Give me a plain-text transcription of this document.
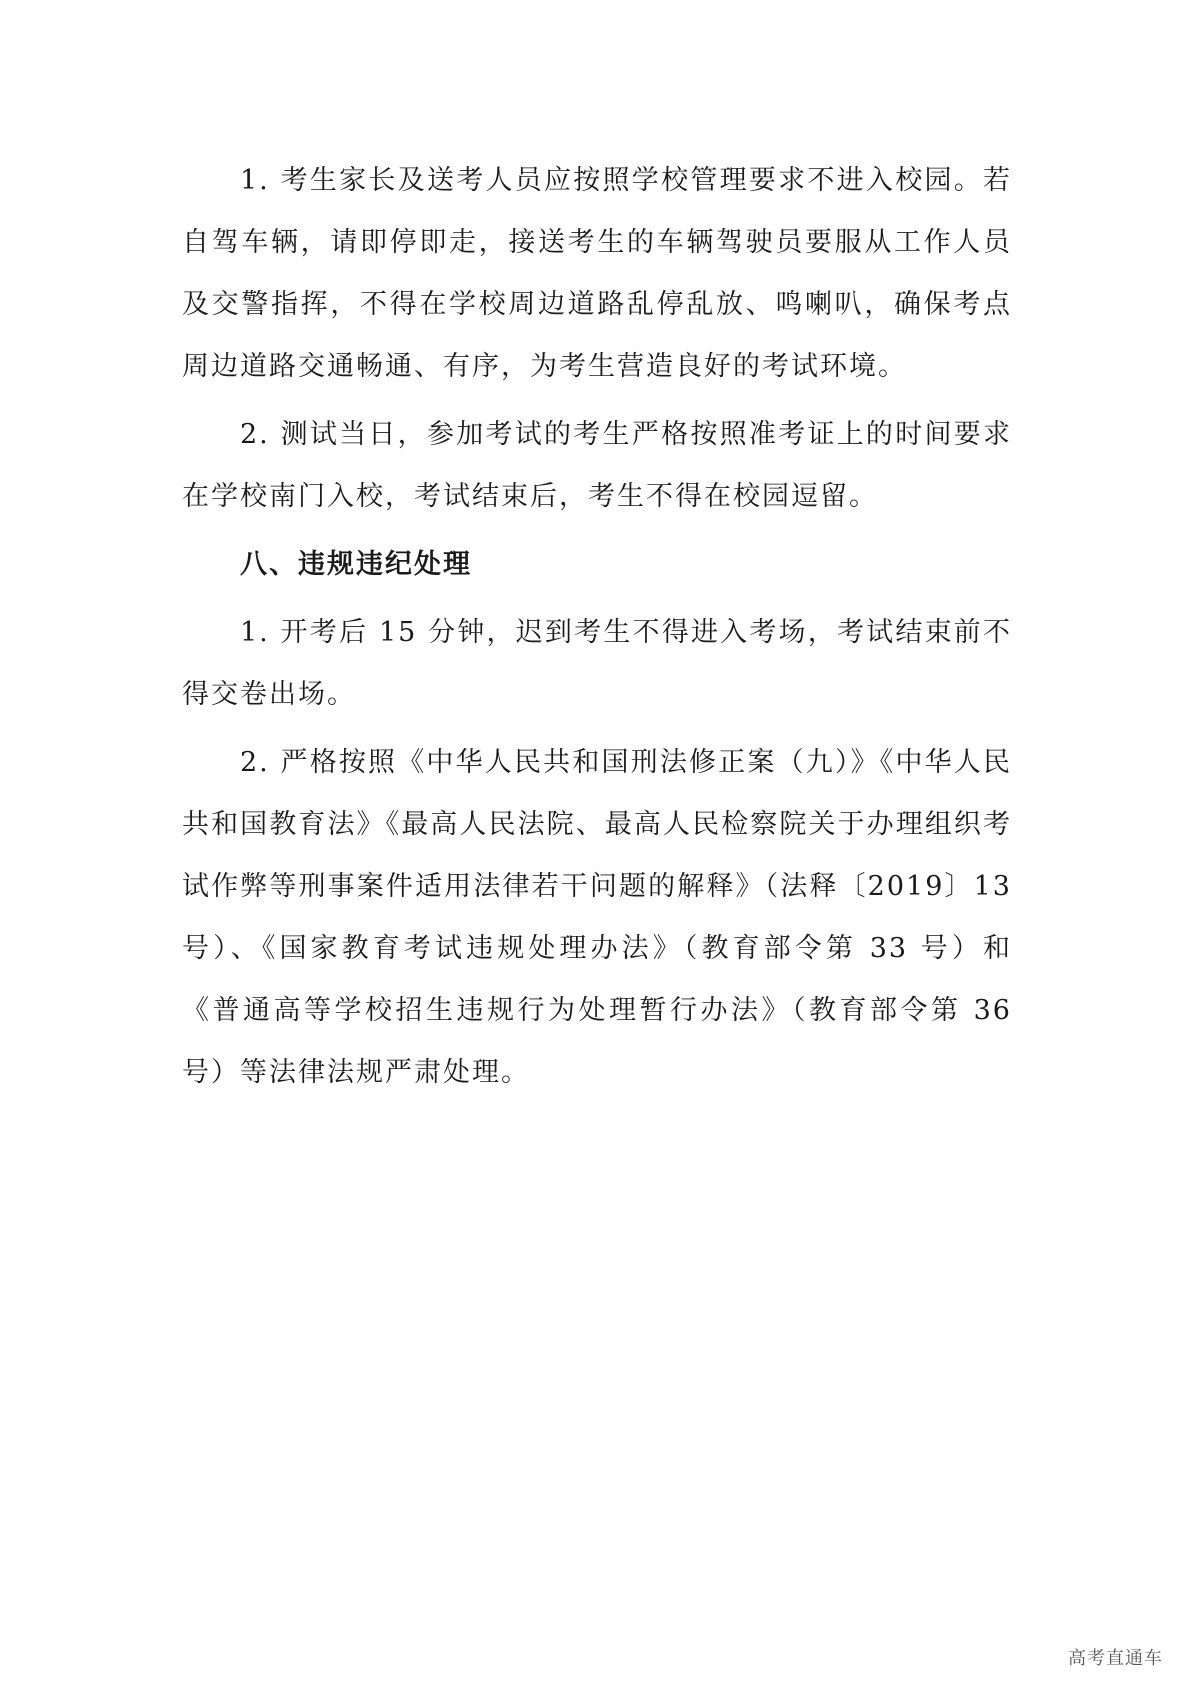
1. 考生家长及送考人员应按照学校管理要求不进入校园。若自驾车辆，请即停即走，接送考生的车辆驾驶员要服从工作人员及交警指挥，不得在学校周边道路乱停乱放、鸣喇叭，确保考点周边道路交通畅通、有序，为考生营造良好的考试环境。

2. 测试当日，参加考试的考生严格按照准考证上的时间要求在学校南门入校，考试结束后，考生不得在校园逗留。

八、违规违纪处理

1. 开考后 15 分钟，迟到考生不得进入考场，考试结束前不得交卷出场。

2. 严格按照《中华人民共和国刑法修正案（九）》《中华人民共和国教育法》《最高人民法院、最高人民检察院关于办理组织考试作弊等刑事案件适用法律若干问题的解释》（法释〔2019〕13 号）、《国家教育考试违规处理办法》（教育部令第 33 号）和《普通高等学校招生违规行为处理暂行办法》（教育部令第 36 号）等法律法规严肃处理。

高考直通车
